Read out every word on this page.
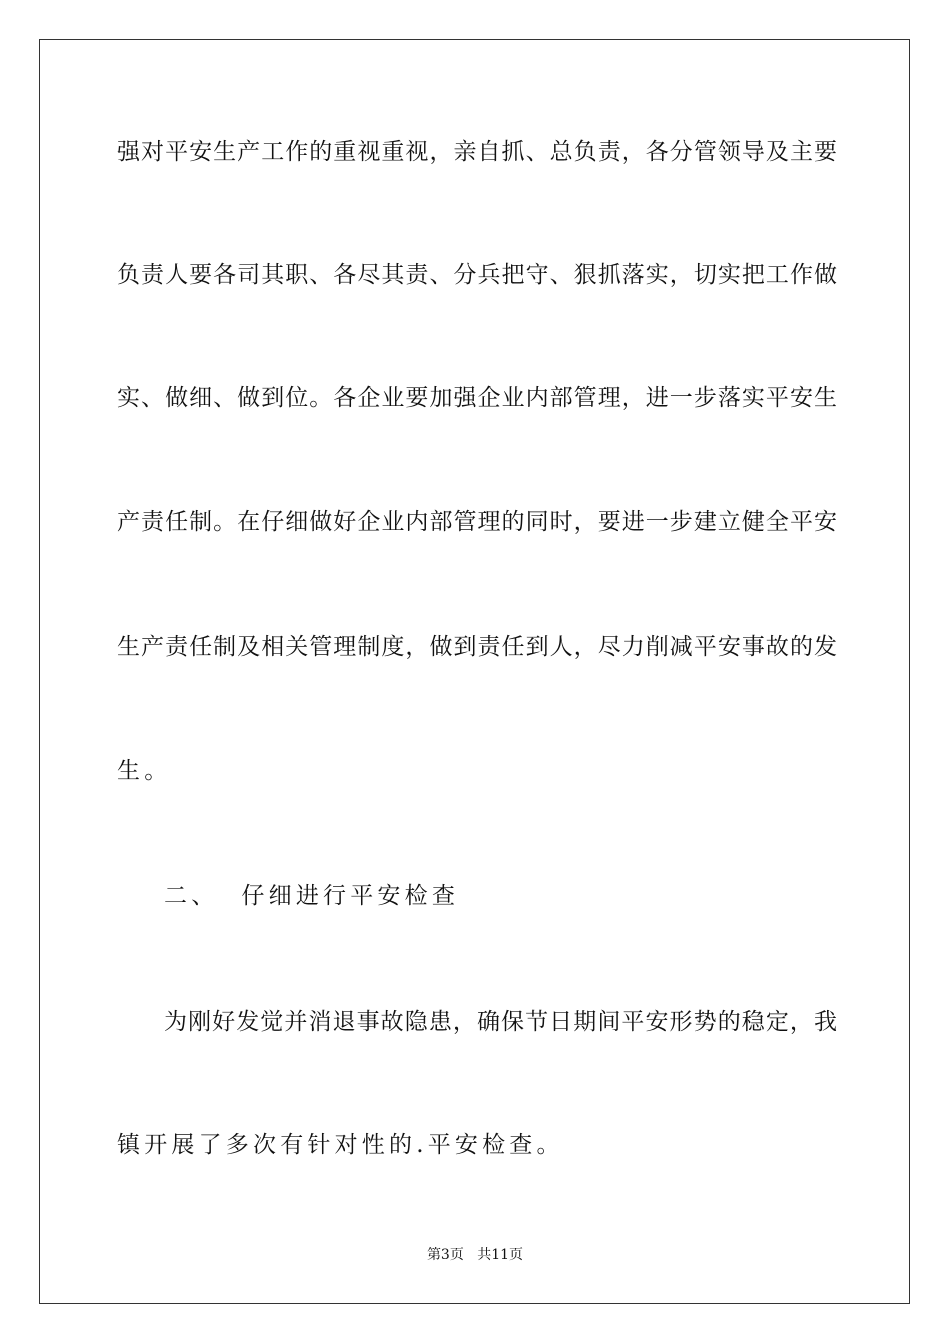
强对平安生产工作的重视重视，亲自抓、总负责，各分管领导及主要
负责人要各司其职、各尽其责、分兵把守、狠抓落实，切实把工作做
实、做细、做到位。各企业要加强企业内部管理，进一步落实平安生
产责任制。在仔细做好企业内部管理的同时，要进一步建立健全平安
生产责任制及相关管理制度，做到责任到人，尽力削减平安事故的发
生。
二、  仔细进行平安检查
为刚好发觉并消退事故隐患，确保节日期间平安形势的稳定，我
镇开展了多次有针对性的.平安检查。
第3页 共11页
